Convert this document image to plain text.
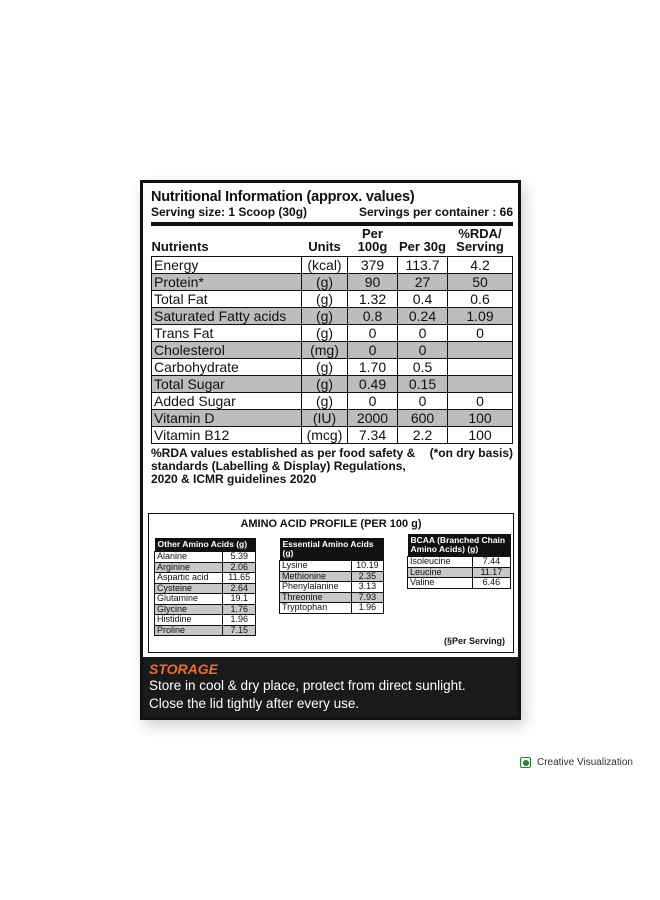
Nutritional Information (approx. values)
Serving size: 1 Scoop (30g)	Servings per container : 66
Nutrients	Units	Per 100g	Per 30g	%RDA/ Serving
Energy	(kcal)	379	113.7	4.2
Protein*	(g)	90	27	50
Total Fat	(g)	1.32	0.4	0.6
Saturated Fatty acids	(g)	0.8	0.24	1.09
Trans Fat	(g)	0	0	0
Cholesterol	(mg)	0	0	
Carbohydrate	(g)	1.70	0.5	
Total Sugar	(g)	0.49	0.15	
Added Sugar	(g)	0	0	0
Vitamin D	(IU)	2000	600	100
Vitamin B12	(mcg)	7.34	2.2	100
%RDA values established as per food safety & standards (Labelling & Display) Regulations, 2020 & ICMR guidelines 2020
(*on dry basis)
AMINO ACID PROFILE (PER 100 g)
Other Amino Acids (g)	
Alanine	5.39
Arginine	2.06
Aspartic acid	11.65
Cysteine	2.64
Glutamine	19.1
Glycine	1.76
Histidine	1.96
Proline	7.15
Essential Amino Acids (g)	
Lysine	10.19
Methionine	2.35
Phenylalanine	3.13
Threonine	7.93
Tryptophan	1.96
BCAA (Branched Chain Amino Acids) (g)	
Isoleucine	7.44
Leucine	11.17
Valine	6.46
(§Per Serving)
STORAGE
Store in cool & dry place, protect from direct sunlight.
Close the lid tightly after every use.
Creative Visualization
